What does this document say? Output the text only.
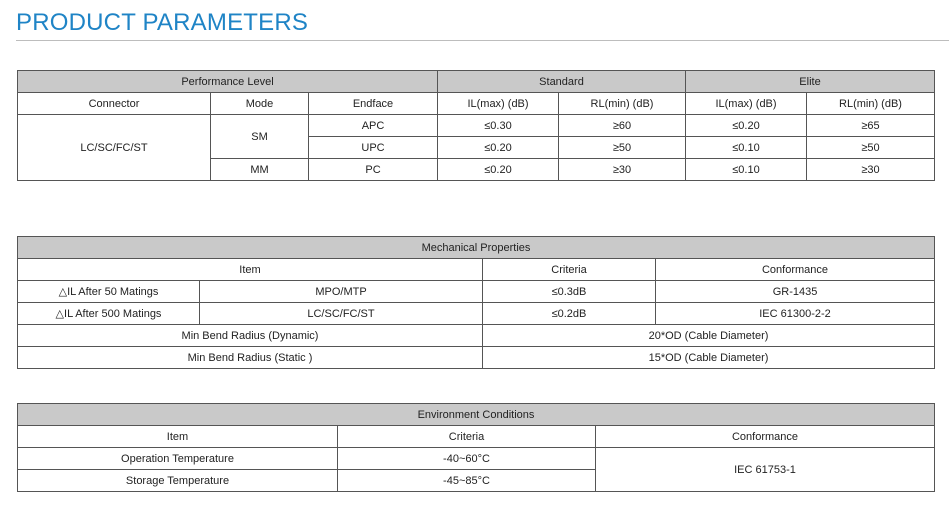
PRODUCT PARAMETERS
Performance Level			Standard		Elite	
Connector	Mode	Endface	IL(max) (dB)	RL(min) (dB)	IL(max) (dB)	RL(min) (dB)
LC/SC/FC/ST	SM	APC	≤0.30	≥60	≤0.20	≥65
		UPC	≤0.20	≥50	≤0.10	≥50
	MM	PC	≤0.20	≥30	≤0.10	≥30
Mechanical Properties			
Item		Criteria	Conformance
△IL After 50 Matings	MPO/MTP	≤0.3dB	GR-1435
△IL After 500 Matings	LC/SC/FC/ST	≤0.2dB	IEC 61300-2-2
Min Bend Radius (Dynamic)		20*OD (Cable Diameter)	
Min Bend Radius (Static )		15*OD (Cable Diameter)	
Environment Conditions		
Item	Criteria	Conformance
Operation Temperature	-40~60°C	IEC 61753-1
Storage Temperature	-45~85°C	
